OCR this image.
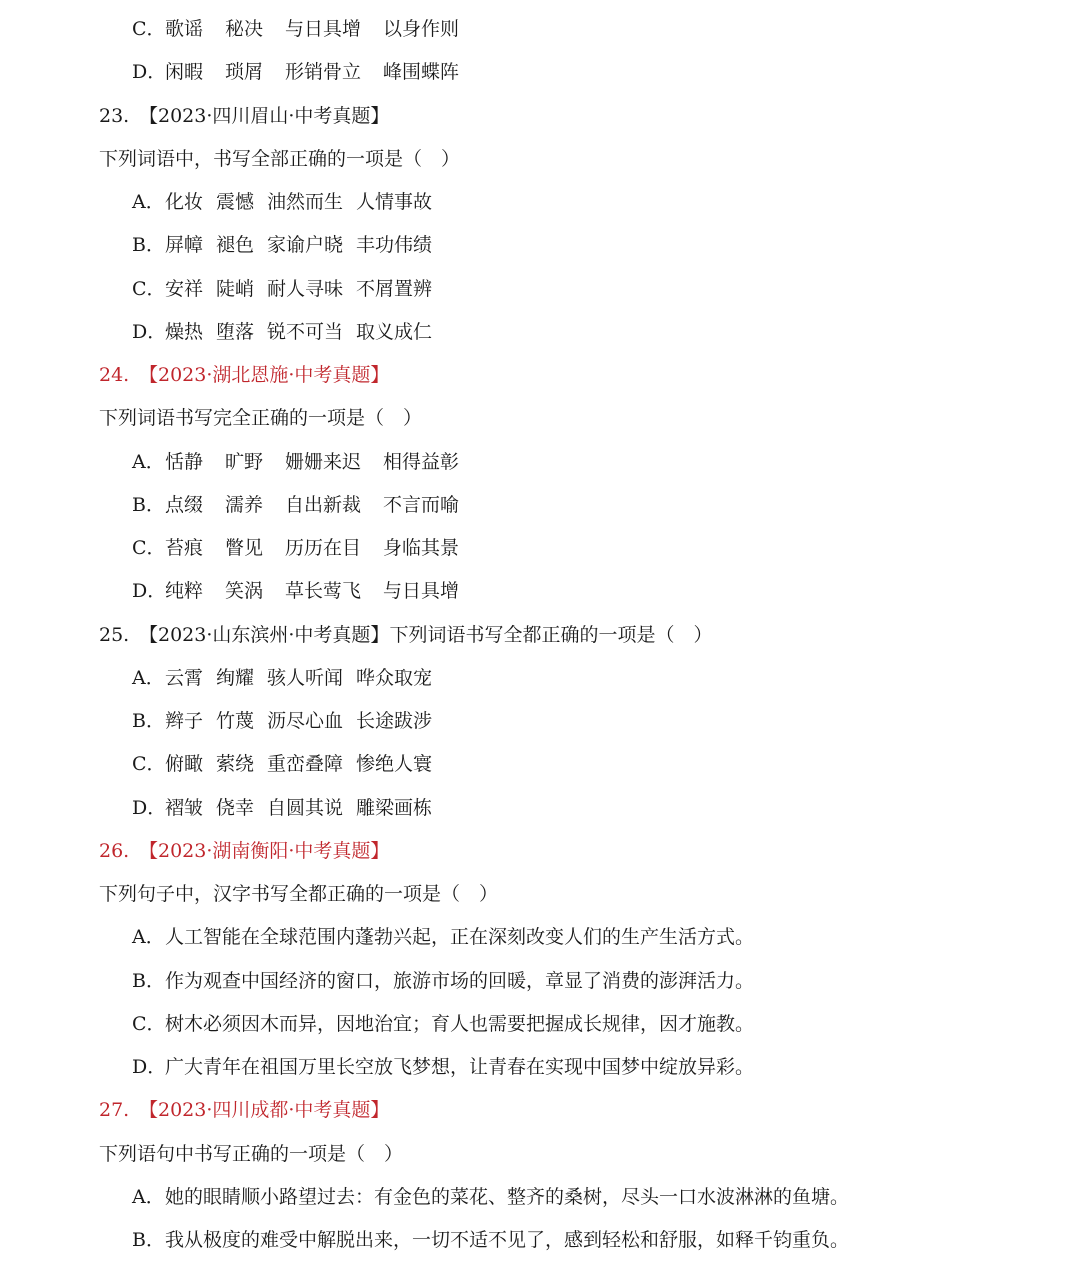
C．歌谣 秘决 与日具增 以身作则
D．闲暇 琐屑 形销骨立 峰围蝶阵
23. 【2023·四川眉山·中考真题】
下列词语中，书写全部正确的一项是（　）
A．化妆 震憾 油然而生 人情事故
B．屏幛 褪色 家谕户晓 丰功伟绩
C．安祥 陡峭 耐人寻味 不屑置辨
D．燥热 堕落 锐不可当 取义成仁
24. 【2023·湖北恩施·中考真题】
下列词语书写完全正确的一项是（　）
A．恬静 旷野 姗姗来迟 相得益彰
B．点缀 濡养 自出新裁 不言而喻
C．苔痕 瞥见 历历在目 身临其景
D．纯粹 笑涡 草长莺飞 与日具增
25. 【2023·山东滨州·中考真题】下列词语书写全都正确的一项是（　）
A．云霄 绚耀 骇人听闻 哗众取宠
B．辫子 竹蔑 沥尽心血 长途跋涉
C．俯瞰 萦绕 重峦叠障 惨绝人寰
D．褶皱 侥幸 自圆其说 雕梁画栋
26. 【2023·湖南衡阳·中考真题】
下列句子中，汉字书写全都正确的一项是（　）
A．人工智能在全球范围内蓬勃兴起，正在深刻改变人们的生产生活方式。
B．作为观查中国经济的窗口，旅游市场的回暖，章显了消费的澎湃活力。
C．树木必须因木而异，因地治宜；育人也需要把握成长规律，因才施教。
D．广大青年在祖国万里长空放飞梦想，让青春在实现中国梦中绽放异彩。
27. 【2023·四川成都·中考真题】
下列语句中书写正确的一项是（　）
A．她的眼睛顺小路望过去：有金色的菜花、整齐的桑树，尽头一口水波淋淋的鱼塘。
B．我从极度的难受中解脱出来，一切不适不见了，感到轻松和舒服，如释千钧重负。
